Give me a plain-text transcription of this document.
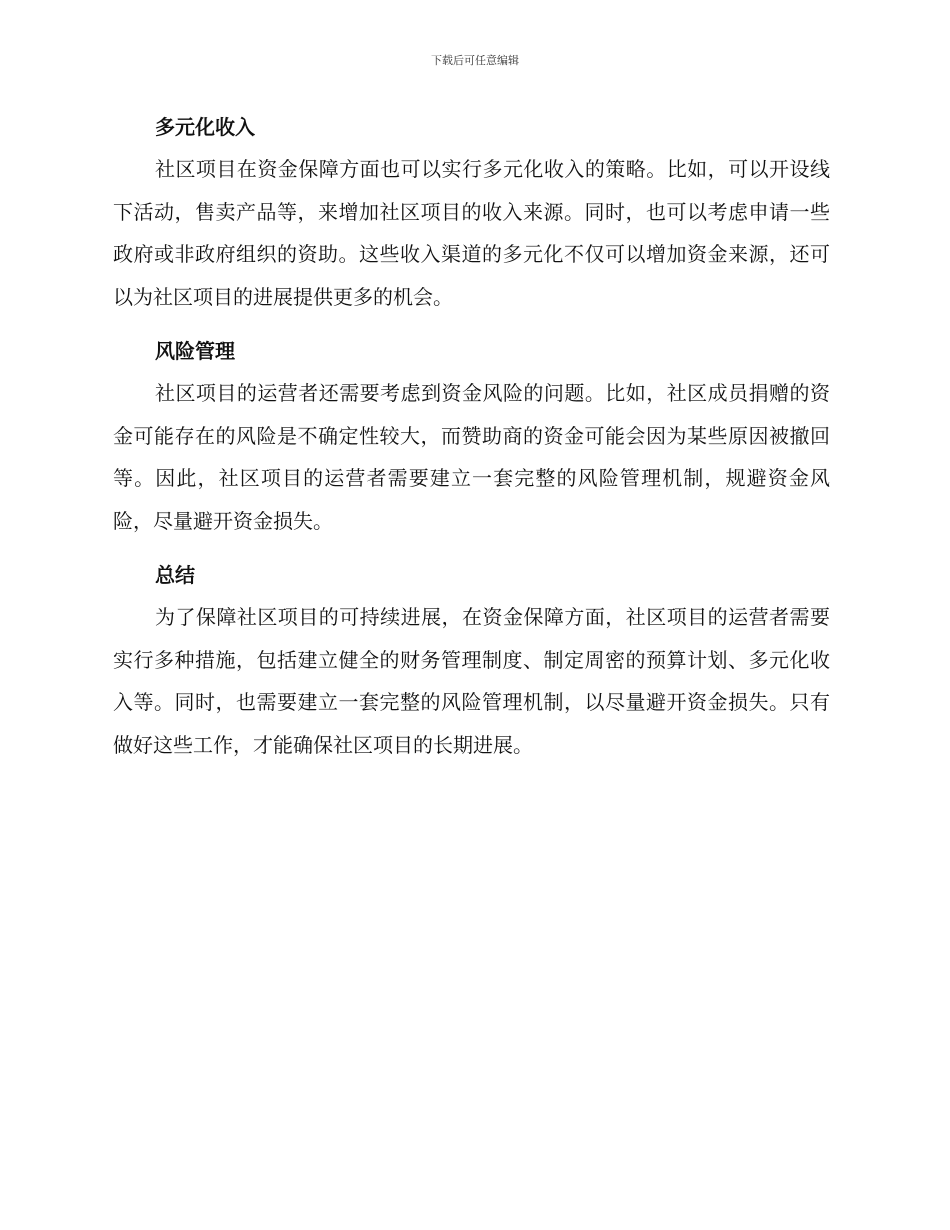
下载后可任意编辑
多元化收入

社区项目在资金保障方面也可以实行多元化收入的策略。比如，可以开设线下活动，售卖产品等，来增加社区项目的收入来源。同时，也可以考虑申请一些政府或非政府组织的资助。这些收入渠道的多元化不仅可以增加资金来源，还可以为社区项目的进展提供更多的机会。

风险管理

社区项目的运营者还需要考虑到资金风险的问题。比如，社区成员捐赠的资金可能存在的风险是不确定性较大，而赞助商的资金可能会因为某些原因被撤回等。因此，社区项目的运营者需要建立一套完整的风险管理机制，规避资金风险，尽量避开资金损失。

总结

为了保障社区项目的可持续进展，在资金保障方面，社区项目的运营者需要实行多种措施，包括建立健全的财务管理制度、制定周密的预算计划、多元化收入等。同时，也需要建立一套完整的风险管理机制，以尽量避开资金损失。只有做好这些工作，才能确保社区项目的长期进展。
